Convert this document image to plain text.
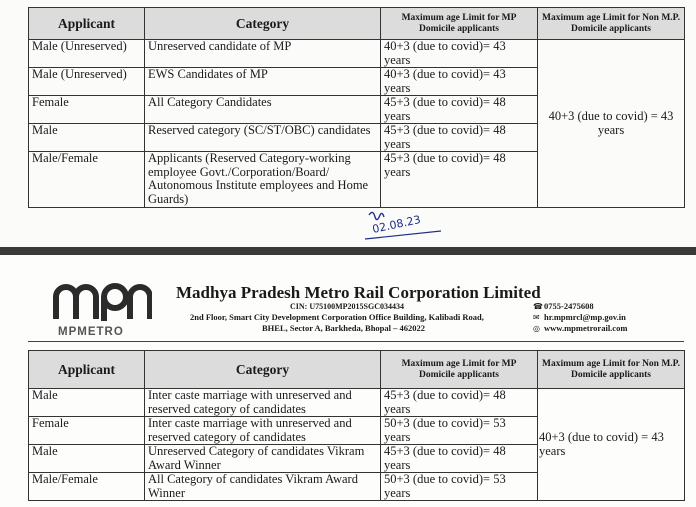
Applicant	Category	Maximum age Limit for MP Domicile applicants	Maximum age Limit for Non M.P. Domicile applicants
Male (Unreserved)	Unreserved candidate of MP	40+3 (due to covid)= 43 years	40+3 (due to covid) = 43 years
Male (Unreserved)	EWS Candidates of MP	40+3 (due to covid)= 43 years	
Female	All Category Candidates	45+3 (due to covid)= 48 years	
Male	Reserved category (SC/ST/OBC) candidates	45+3 (due to covid)= 48 years	
Male/Female	Applicants (Reserved Category-working employee Govt./Corporation/Board/ Autonomous Institute employees and Home Guards)	45+3 (due to covid)= 48 years	
02.08.23
MPMETRO
Madhya Pradesh Metro Rail Corporation Limited
CIN: U75100MP2015SGC034434
2nd Floor, Smart City Development Corporation Office Building, Kalibadi Road,
BHEL, Sector A, Barkheda, Bhopal – 462022
☎0755-2475608
✉ hr.mpmrcl@mp.gov.in
◎ www.mpmetrorail.com
Applicant	Category	Maximum age Limit for MP Domicile applicants	Maximum age Limit for Non M.P. Domicile applicants
Male	Inter caste marriage with unreserved and reserved category of candidates	45+3 (due to covid)= 48 years	40+3 (due to covid) = 43 years
Female	Inter caste marriage with unreserved and reserved category of candidates	50+3 (due to covid)= 53 years	
Male	Unreserved Category of candidates Vikram Award Winner	45+3 (due to covid)= 48 years	
Male/Female	All Category of candidates Vikram Award Winner	50+3 (due to covid)= 53 years	
